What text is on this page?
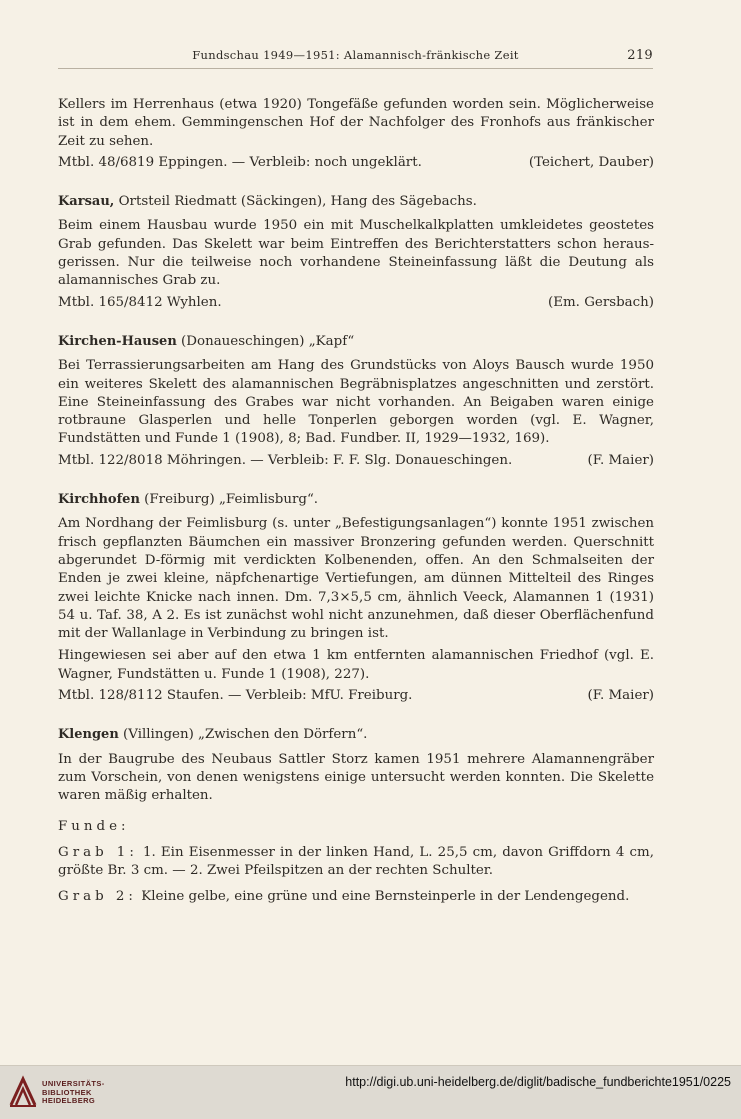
Fundschau 1949—1951: Alamannisch-fränkische Zeit	219

Kellers im Herrenhaus (etwa 1920) Tongefäße gefunden worden sein. Möglicherweise ist in dem ehem. Gemmingenschen Hof der Nachfolger des Fronhofs aus fränkischer Zeit zu sehen.

Mtbl. 48/6819 Eppingen. — Verbleib: noch ungeklärt.	(Teichert, Dauber)
Karsau, Ortsteil Riedmatt (Säckingen), Hang des Sägebachs.

Beim einem Hausbau wurde 1950 ein mit Muschelkalkplatten umkleidetes geostetes Grab gefunden. Das Skelett war beim Eintreffen des Berichterstatters schon heraus-gerissen. Nur die teilweise noch vorhandene Steineinfassung läßt die Deutung als alamannisches Grab zu.

Mtbl. 165/8412 Wyhlen.	(Em. Gersbach)
Kirchen-Hausen (Donaueschingen) „Kapf“

Bei Terrassierungsarbeiten am Hang des Grundstücks von Aloys Bausch wurde 1950 ein weiteres Skelett des alamannischen Begräbnisplatzes angeschnitten und zerstört. Eine Steineinfassung des Grabes war nicht vorhanden. An Beigaben waren einige rotbraune Glasperlen und helle Tonperlen geborgen worden (vgl. E. Wagner, Fundstätten und Funde 1 (1908), 8; Bad. Fundber. II, 1929—1932, 169).

Mtbl. 122/8018 Möhringen. — Verbleib: F. F. Slg. Donaueschingen.	(F. Maier)
Kirchhofen (Freiburg) „Feimlisburg“.

Am Nordhang der Feimlisburg (s. unter „Befestigungsanlagen“) konnte 1951 zwischen frisch gepflanzten Bäumchen ein massiver Bronzering gefunden werden. Querschnitt abgerundet D-förmig mit verdickten Kolbenenden, offen. An den Schmalseiten der Enden je zwei kleine, näpfchenartige Vertiefungen, am dünnen Mittelteil des Ringes zwei leichte Knicke nach innen. Dm. 7,3×5,5 cm, ähnlich Veeck, Alamannen 1 (1931) 54 u. Taf. 38, A 2. Es ist zunächst wohl nicht anzunehmen, daß dieser Oberflächenfund mit der Wallanlage in Verbindung zu bringen ist.

Hingewiesen sei aber auf den etwa 1 km entfernten alamannischen Friedhof (vgl. E. Wagner, Fundstätten u. Funde 1 (1908), 227).

Mtbl. 128/8112 Staufen. — Verbleib: MfU. Freiburg.	(F. Maier)
Klengen (Villingen) „Zwischen den Dörfern“.

In der Baugrube des Neubaus Sattler Storz kamen 1951 mehrere Alamannengräber zum Vorschein, von denen wenigstens einige untersucht werden konnten. Die Skelette waren mäßig erhalten.

Funde:

Grab 1: 1. Ein Eisenmesser in der linken Hand, L. 25,5 cm, davon Griffdorn 4 cm, größte Br. 3 cm. — 2. Zwei Pfeilspitzen an der rechten Schulter.

Grab 2: Kleine gelbe, eine grüne und eine Bernsteinperle in der Lendengegend.

UNIVERSITÄTS-
BIBLIOTHEK
HEIDELBERG
http://digi.ub.uni-heidelberg.de/diglit/badische_fundberichte1951/0225
